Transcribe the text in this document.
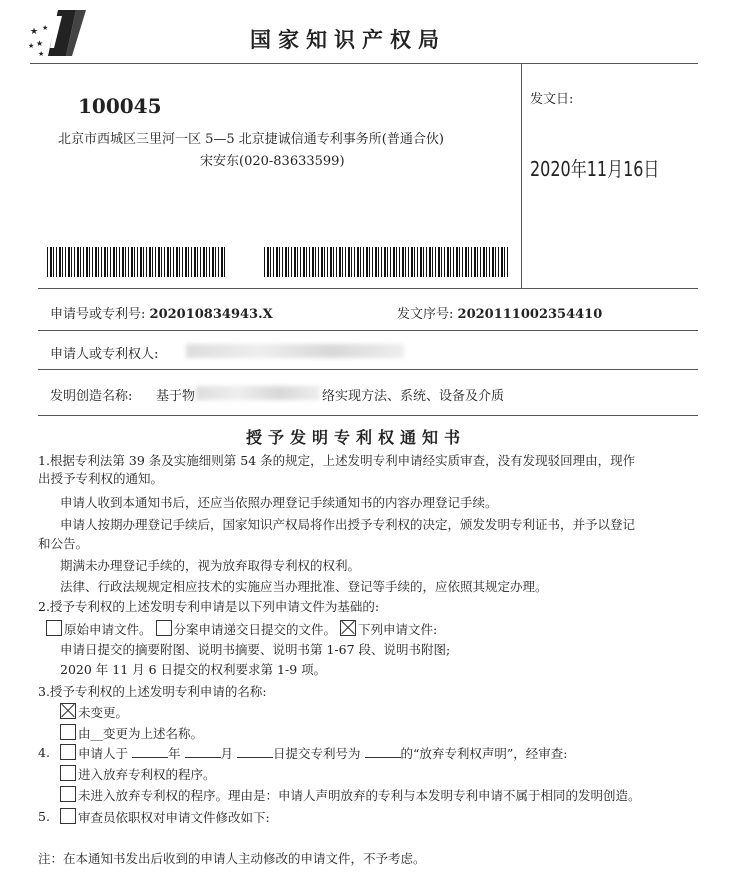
★
★
★
★
★	国家知识产权局
100045
北京市西城区三里河一区 5—5 北京捷诚信通专利事务所(普通合伙)
宋安东(020-83633599)
发文日:
2020年11月16日
申请号或专利号: 202010834943.X	发文序号: 2020111002354410
申请人或专利权人:
发明创造名称: 基于物	络实现方法、系统、设备及介质
授予发明专利权通知书
1.根据专利法第 39 条及实施细则第 54 条的规定，上述发明专利申请经实质审查，没有发现驳回理由，现作
出授予专利权的通知。
申请人收到本通知书后，还应当依照办理登记手续通知书的内容办理登记手续。
申请人按期办理登记手续后，国家知识产权局将作出授予专利权的决定，颁发发明专利证书，并予以登记
和公告。
期满未办理登记手续的，视为放弃取得专利权的权利。
法律、行政法规规定相应技术的实施应当办理批准、登记等手续的，应依照其规定办理。
2.授予专利权的上述发明专利申请是以下列申请文件为基础的:
原始申请文件。 分案申请递交日提交的文件。 下列申请文件:
申请日提交的摘要附图、说明书摘要、说明书第 1-67 段、说明书附图;
2020 年 11 月 6 日提交的权利要求第 1-9 项。
3.授予专利权的上述发明专利申请的名称:
未变更。
由__变更为上述名称。
4.	申请人于	年	月	日提交专利号为	的“放弃专利权声明”，经审查:
进入放弃专利权的程序。
未进入放弃专利权的程序。理由是：申请人声明放弃的专利与本发明专利申请不属于相同的发明创造。
5.	审查员依职权对申请文件修改如下:
注：在本通知书发出后收到的申请人主动修改的申请文件，不予考虑。
